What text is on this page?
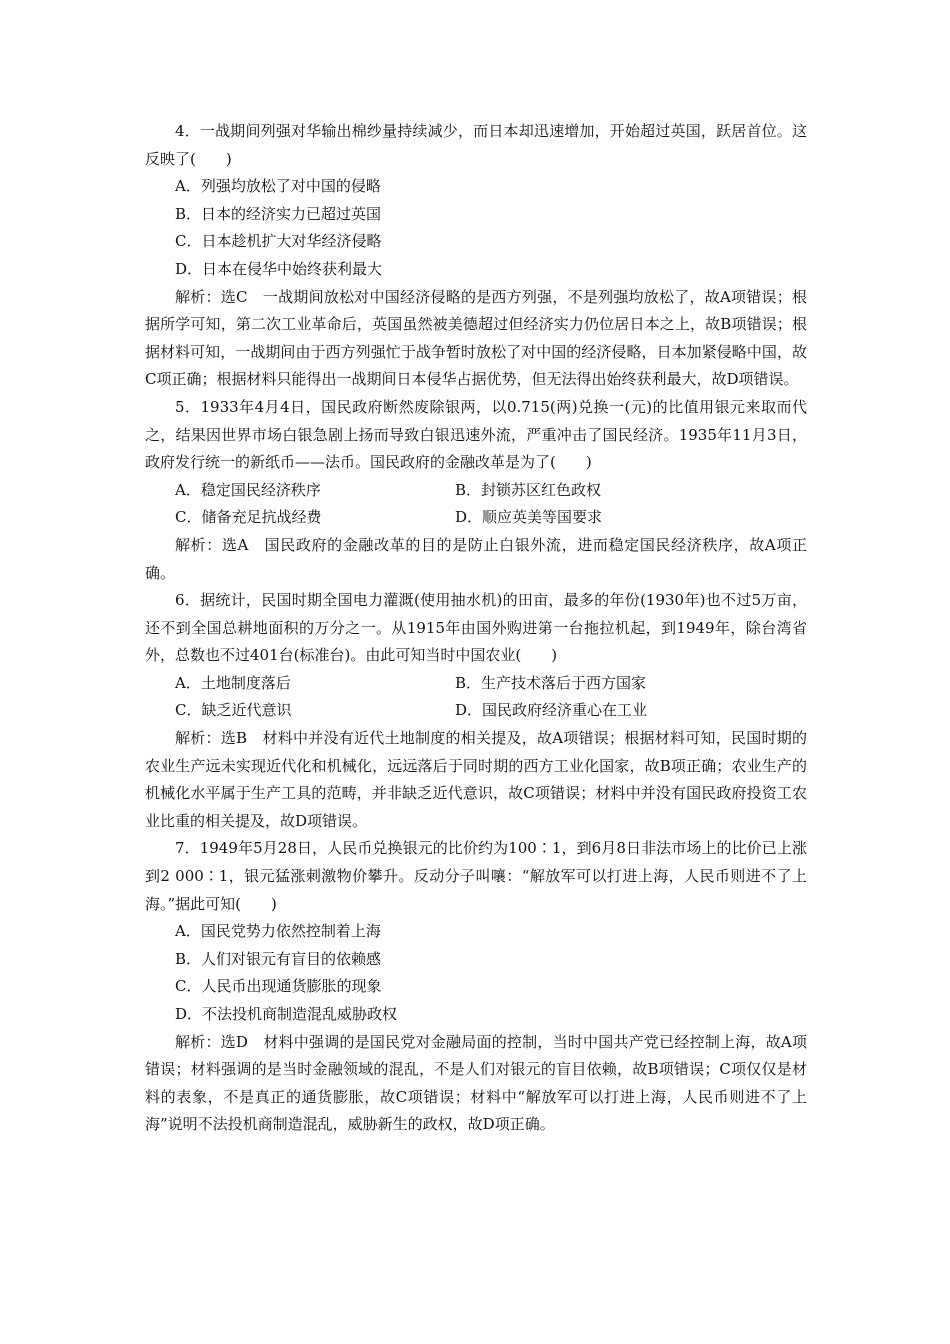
4．一战期间列强对华输出棉纱量持续减少，而日本却迅速增加，开始超过英国，跃居首位。这反映了(　　)

A．列强均放松了对中国的侵略

B．日本的经济实力已超过英国

C．日本趁机扩大对华经济侵略

D．日本在侵华中始终获利最大

解析：选C　一战期间放松对中国经济侵略的是西方列强，不是列强均放松了，故A项错误；根据所学可知，第二次工业革命后，英国虽然被美德超过但经济实力仍位居日本之上，故B项错误；根据材料可知，一战期间由于西方列强忙于战争暂时放松了对中国的经济侵略，日本加紧侵略中国，故C项正确；根据材料只能得出一战期间日本侵华占据优势，但无法得出始终获利最大，故D项错误。

5．1933年4月4日，国民政府断然废除银两，以0.715(两)兑换一(元)的比值用银元来取而代之，结果因世界市场白银急剧上扬而导致白银迅速外流，严重冲击了国民经济。1935年11月3日，政府发行统一的新纸币——法币。国民政府的金融改革是为了(　　)

A．稳定国民经济秩序	B．封锁苏区红色政权
C．储备充足抗战经费	D．顺应英美等国要求

解析：选A　国民政府的金融改革的目的是防止白银外流，进而稳定国民经济秩序，故A项正确。

6．据统计，民国时期全国电力灌溉(使用抽水机)的田亩，最多的年份(1930年)也不过5万亩，还不到全国总耕地面积的万分之一。从1915年由国外购进第一台拖拉机起，到1949年，除台湾省外，总数也不过401台(标准台)。由此可知当时中国农业(　　)

A．土地制度落后	B．生产技术落后于西方国家
C．缺乏近代意识	D．国民政府经济重心在工业

解析：选B　材料中并没有近代土地制度的相关提及，故A项错误；根据材料可知，民国时期的农业生产远未实现近代化和机械化，远远落后于同时期的西方工业化国家，故B项正确；农业生产的机械化水平属于生产工具的范畴，并非缺乏近代意识，故C项错误；材料中并没有国民政府投资工农业比重的相关提及，故D项错误。

7．1949年5月28日，人民币兑换银元的比价约为100∶1，到6月8日非法市场上的比价已上涨到2 000∶1，银元猛涨刺激物价攀升。反动分子叫嚷：“解放军可以打进上海，人民币则进不了上海。”据此可知(　　)

A．国民党势力依然控制着上海

B．人们对银元有盲目的依赖感

C．人民币出现通货膨胀的现象

D．不法投机商制造混乱威胁政权

解析：选D　材料中强调的是国民党对金融局面的控制，当时中国共产党已经控制上海，故A项错误；材料强调的是当时金融领域的混乱，不是人们对银元的盲目依赖，故B项错误；C项仅仅是材料的表象，不是真正的通货膨胀，故C项错误；材料中“解放军可以打进上海，人民币则进不了上海”说明不法投机商制造混乱，威胁新生的政权，故D项正确。
